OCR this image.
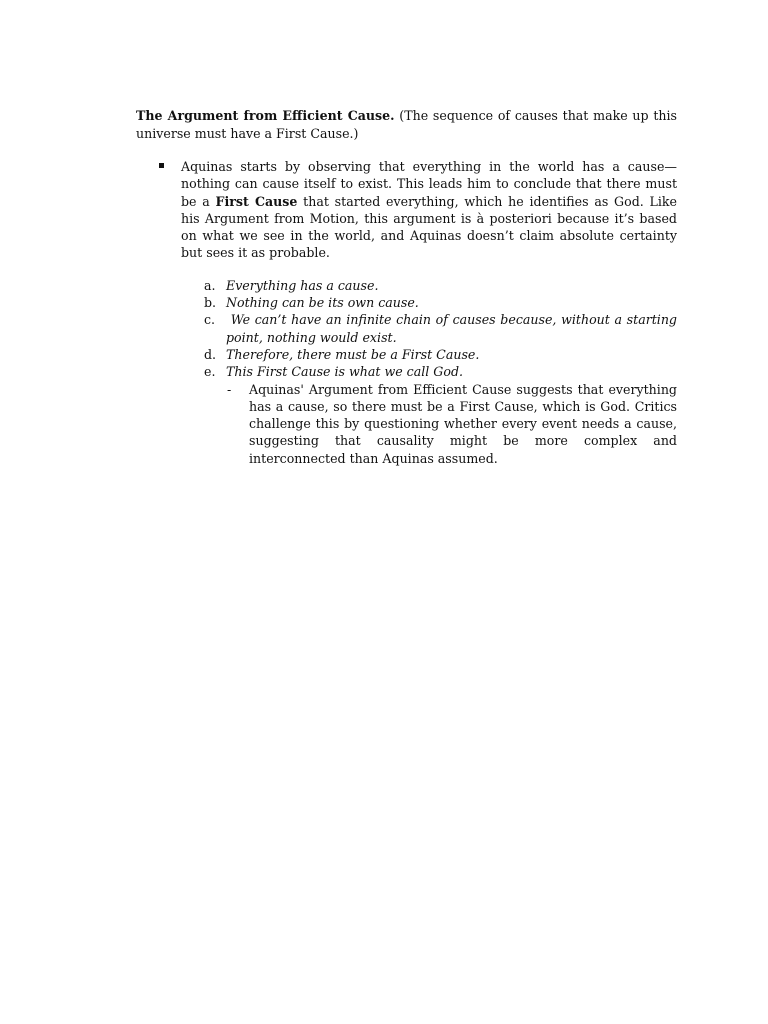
The Argument from Efficient Cause. (The sequence of causes that make up this universe must have a First Cause.)

Aquinas starts by observing that everything in the world has a cause—nothing can cause itself to exist. This leads him to conclude that there must be a First Cause that started everything, which he identifies as God. Like his Argument from Motion, this argument is à posteriori because it’s based on what we see in the world, and Aquinas doesn’t claim absolute certainty but sees it as probable.
a. Everything has a cause.
b. Nothing can be its own cause.
c. We can’t have an infinite chain of causes because, without a starting point, nothing would exist.
d. Therefore, there must be a First Cause.
e. This First Cause is what we call God.
- Aquinas' Argument from Efficient Cause suggests that everything has a cause, so there must be a First Cause, which is God. Critics challenge this by questioning whether every event needs a cause, suggesting that causality might be more complex and interconnected than Aquinas assumed.
